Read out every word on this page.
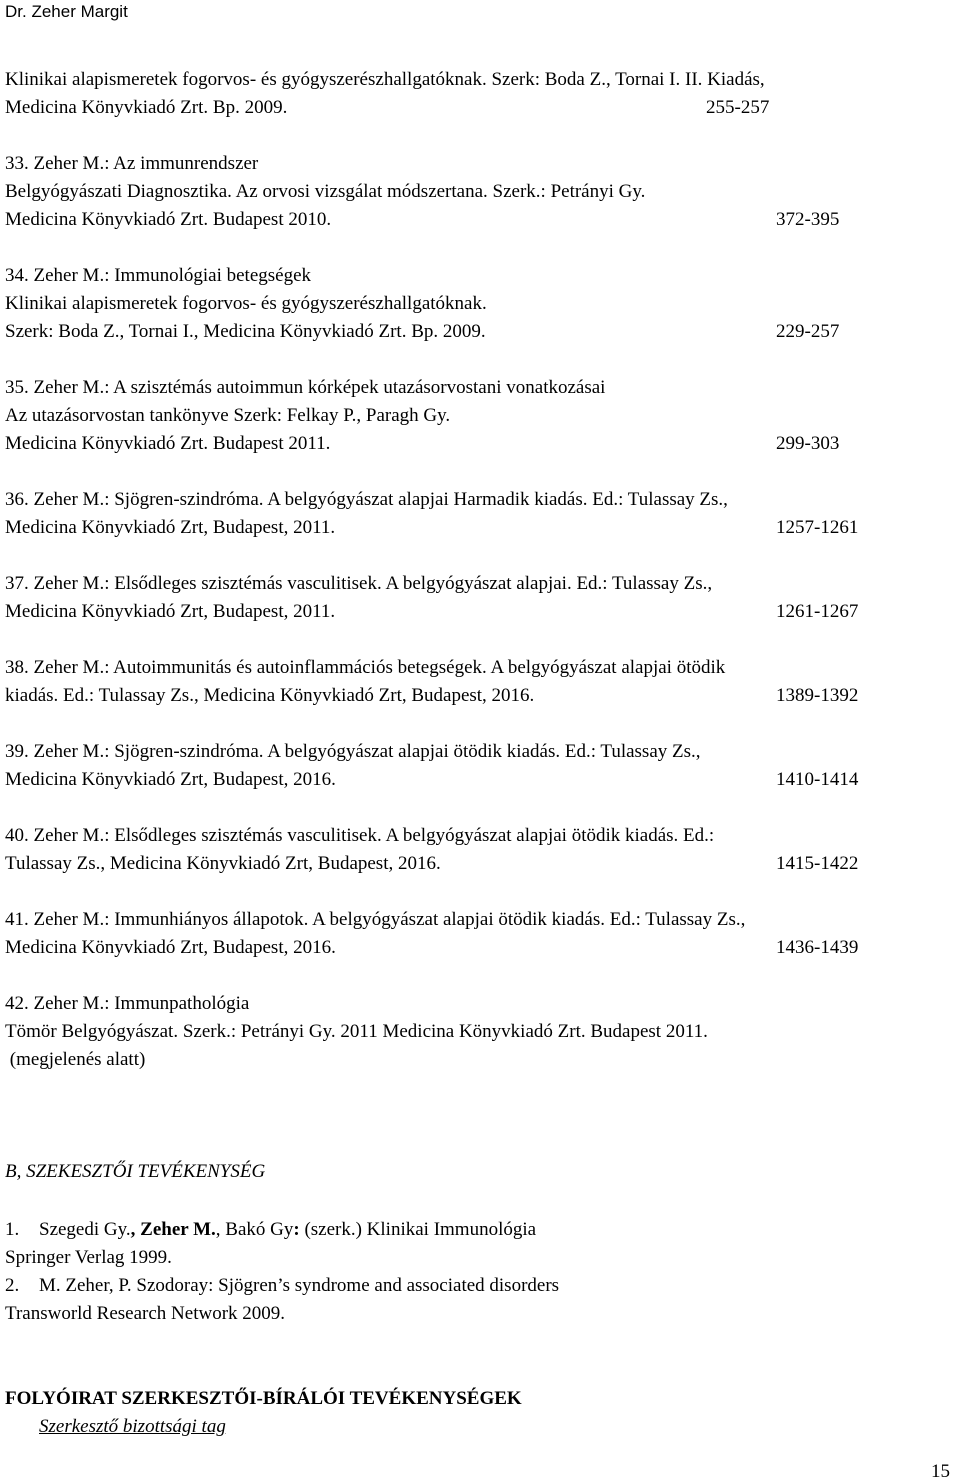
Dr. Zeher Margit

Klinikai alapismeretek fogorvos- és gyógyszerészhallgatóknak. Szerk: Boda Z., Tornai I. II. Kiadás,

Medicina Könyvkiadó Zrt. Bp. 2009.	255-257

33. Zeher M.: Az immunrendszer

Belgyógyászati Diagnosztika. Az orvosi vizsgálat módszertana. Szerk.: Petrányi Gy.

Medicina Könyvkiadó Zrt. Budapest 2010.	372-395

34. Zeher M.: Immunológiai betegségek

Klinikai alapismeretek fogorvos- és gyógyszerészhallgatóknak.

Szerk: Boda Z., Tornai I., Medicina Könyvkiadó Zrt. Bp. 2009.	229-257

35. Zeher M.: A szisztémás autoimmun kórképek utazásorvostani vonatkozásai

Az utazásorvostan tankönyve Szerk: Felkay P., Paragh Gy.

Medicina Könyvkiadó Zrt. Budapest 2011.	299-303

36. Zeher M.: Sjögren-szindróma. A belgyógyászat alapjai Harmadik kiadás. Ed.: Tulassay Zs.,

Medicina Könyvkiadó Zrt, Budapest, 2011.	1257-1261

37. Zeher M.: Elsődleges szisztémás vasculitisek. A belgyógyászat alapjai. Ed.: Tulassay Zs.,

Medicina Könyvkiadó Zrt, Budapest, 2011.	1261-1267

38. Zeher M.: Autoimmunitás és autoinflammációs betegségek. A belgyógyászat alapjai ötödik

kiadás. Ed.: Tulassay Zs., Medicina Könyvkiadó Zrt, Budapest, 2016.	1389-1392

39. Zeher M.: Sjögren-szindróma. A belgyógyászat alapjai ötödik kiadás. Ed.: Tulassay Zs.,

Medicina Könyvkiadó Zrt, Budapest, 2016.	1410-1414

40. Zeher M.: Elsődleges szisztémás vasculitisek. A belgyógyászat alapjai ötödik kiadás. Ed.:

Tulassay Zs., Medicina Könyvkiadó Zrt, Budapest, 2016.	1415-1422

41. Zeher M.: Immunhiányos állapotok. A belgyógyászat alapjai ötödik kiadás. Ed.: Tulassay Zs.,

Medicina Könyvkiadó Zrt, Budapest, 2016.	1436-1439

42. Zeher M.: Immunpathológia

Tömör Belgyógyászat. Szerk.: Petrányi Gy. 2011 Medicina Könyvkiadó Zrt. Budapest 2011.

(megjelenés alatt)

B, SZEKESZTŐI TEVÉKENYSÉG

1. Szegedi Gy., Zeher M., Bakó Gy: (szerk.) Klinikai Immunológia

Springer Verlag 1999.

2. M. Zeher, P. Szodoray: Sjögren’s syndrome and associated disorders

Transworld Research Network 2009.

FOLYÓIRAT SZERKESZTŐI-BÍRÁLÓI TEVÉKENYSÉGEK

Szerkesztő bizottsági tag

15
